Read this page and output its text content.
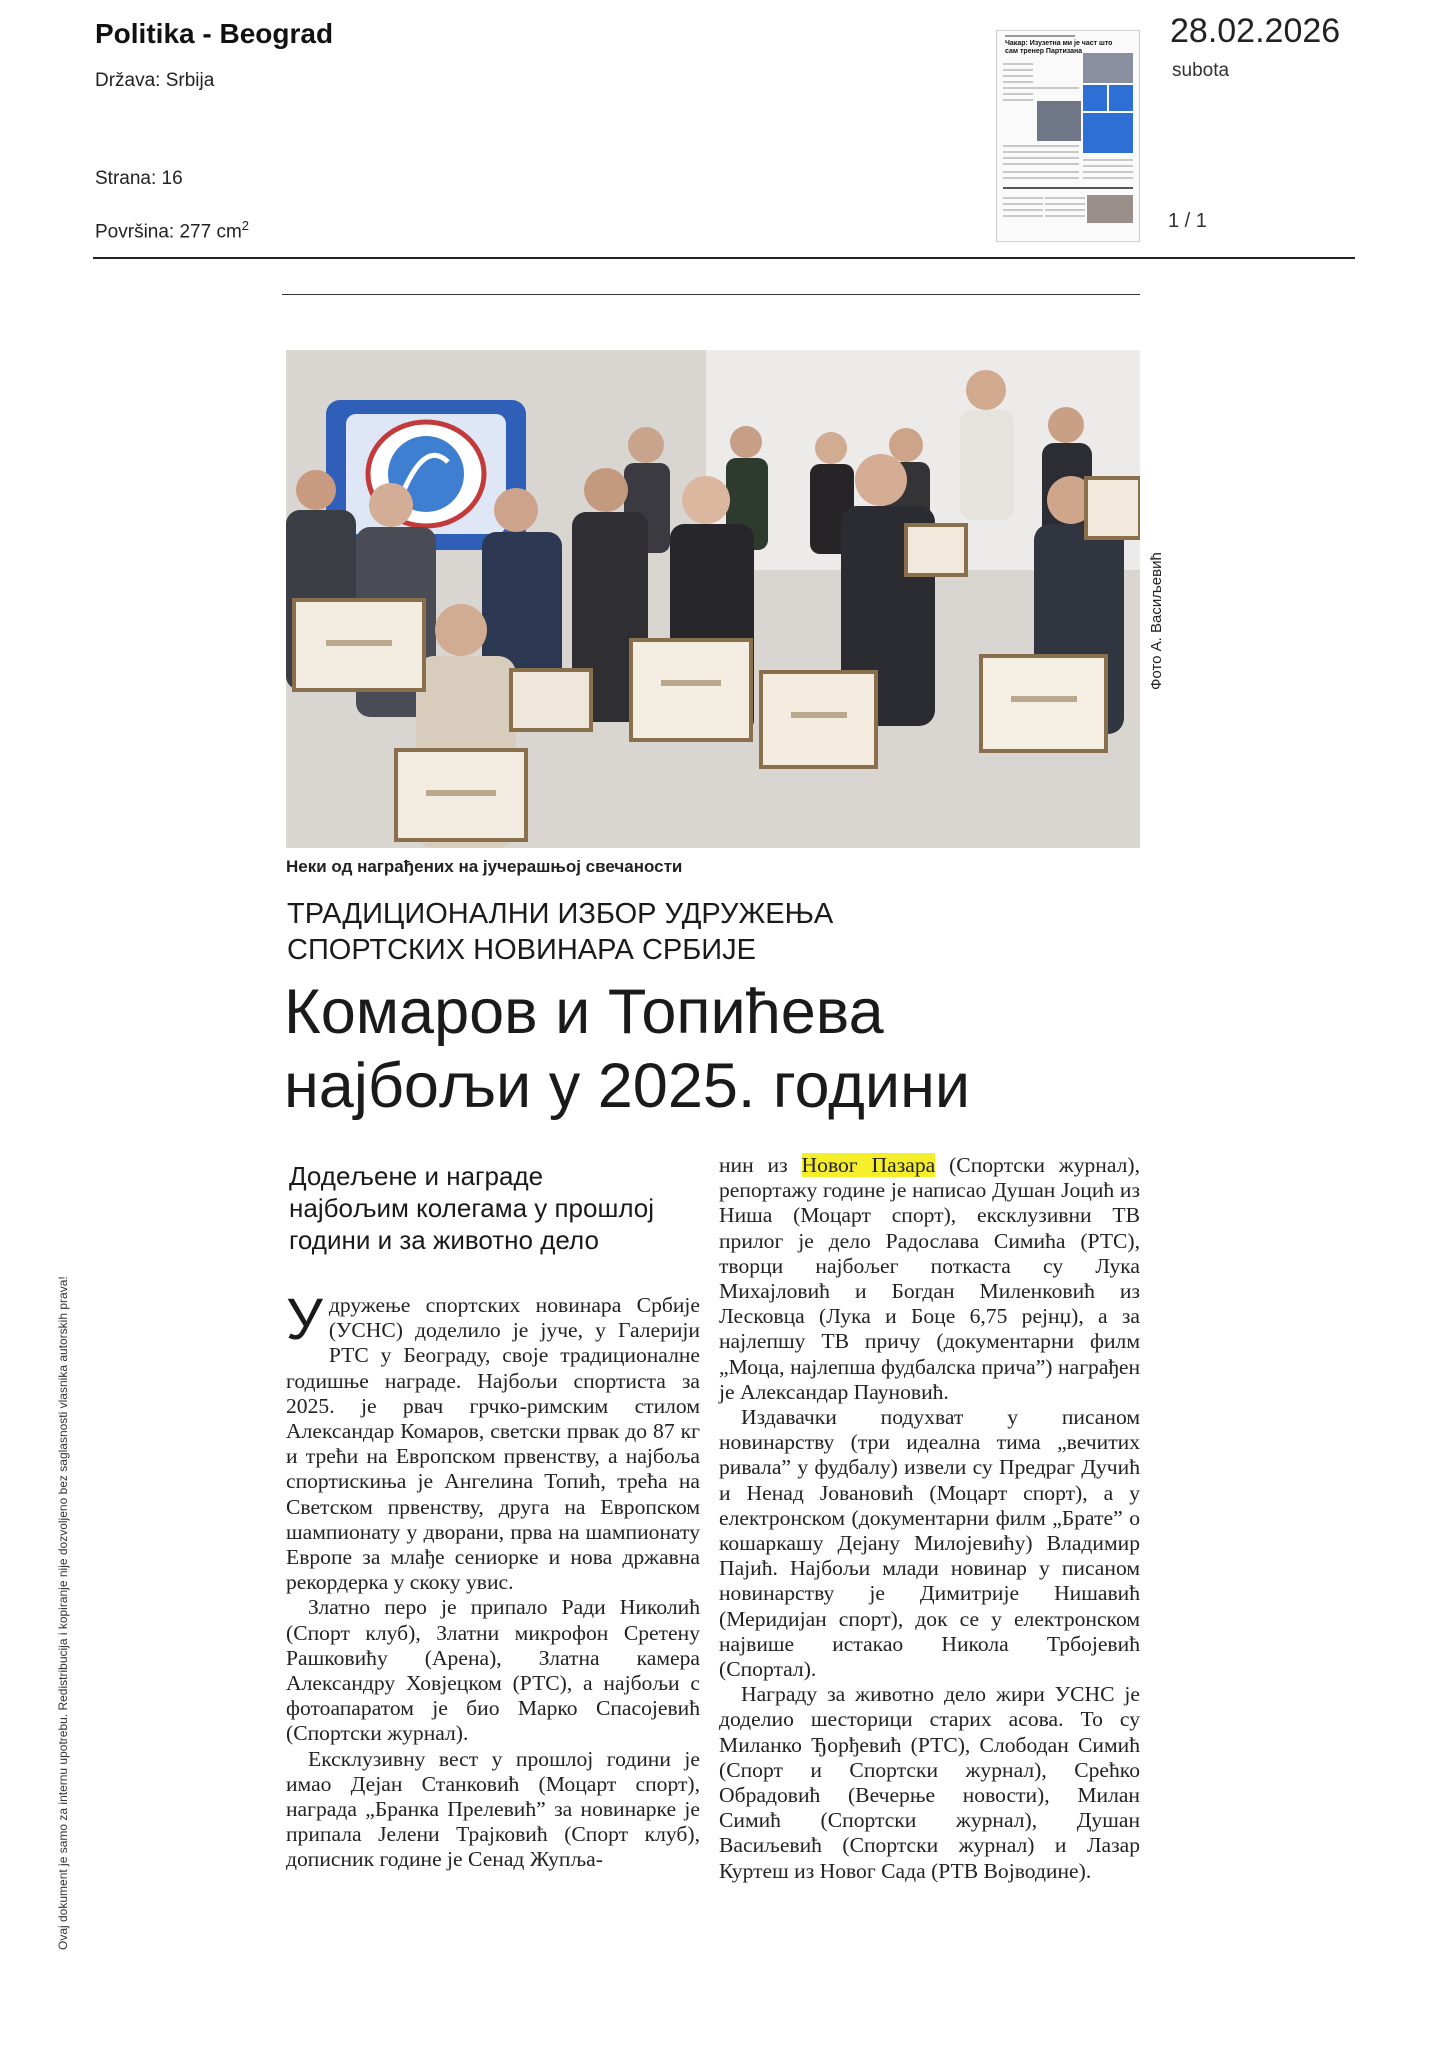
Politika - Beograd
Država: Srbija
Strana: 16
Površina: 277 $cm^2$
Чакар: Изузетна ми је част што сам тренер Партизана
28.02.2026
subota
1 / 1
Фото А. Васиљевић
Неки од награђених на јучерашњој свечаности
ТРАДИЦИОНАЛНИ ИЗБОР УДРУЖЕЊА
СПОРТСКИХ НОВИНАРА СРБИЈЕ
Комаров и Топићева
најбољи у 2025. години
Додељене и награде најбољим колегама у прошлој години и за животно дело

Удружење спортских новинара Србије (УСНС) доделило је јуче, у Галерији РТС у Београду, своје традиционалне годишње награде. Најбољи спортиста за 2025. је рвач грчко-римским стилом Александар Комаров, светски првак до 87 кг и трећи на Европском првенству, а најбоља спортискиња је Ангелина Топић, трећа на Светском првенству, друга на Европском шампионату у дворани, прва на шампионату Европе за млађе сениорке и нова државна рекордерка у скоку увис.

Златно перо је припало Ради Николић (Спорт клуб), Златни микрофон Сретену Рашковићу (Арена), Златна камера Александру Ховјецком (РТС), а најбољи с фотоапаратом је био Марко Спасојевић (Спортски журнал).

Ексклузивну вест у прошлој години је имао Дејан Станковић (Моцарт спорт), награда „Бранка Прелевић” за новинарке је припала Јелени Трајковић (Спорт клуб), дописник године је Сенад Жупља-

нин из Новог Пазара (Спортски журнал), репортажу године је написао Душан Јоцић из Ниша (Моцарт спорт), ексклузивни ТВ прилог је дело Радослава Симића (РТС), творци најбољег поткаста су Лука Михајловић и Богдан Миленковић из Лесковца (Лука и Боце 6,75 рејнџ), а за најлепшу ТВ причу (документарни филм „Моца, најлепша фудбалска прича”) награђен је Александар Пауновић.

Издавачки подухват у писаном новинарству (три идеална тима „вечитих ривала” у фудбалу) извели су Предраг Дучић и Ненад Јовановић (Моцарт спорт), а у електронском (документарни филм „Брате” о кошаркашу Дејану Милојевићу) Владимир Пајић. Најбољи млади новинар у писаном новинарству је Димитрије Нишавић (Меридијан спорт), док се у електронском највише истакао Никола Трбојевић (Спортал).

Награду за животно дело жири УСНС је доделио шесторици старих асова. То су Миланко Ђорђевић (РТС), Слободан Симић (Спорт и Спортски журнал), Срећко Обрадовић (Вечерње новости), Милан Симић (Спортски журнал), Душан Васиљевић (Спортски журнал) и Лазар Куртеш из Новог Сада (РТВ Војводине).

Ovaj dokument je samo za internu upotrebu. Redistribucija i kopiranje nije dozvoljeno bez saglasnosti vlasnika autorskih prava!
